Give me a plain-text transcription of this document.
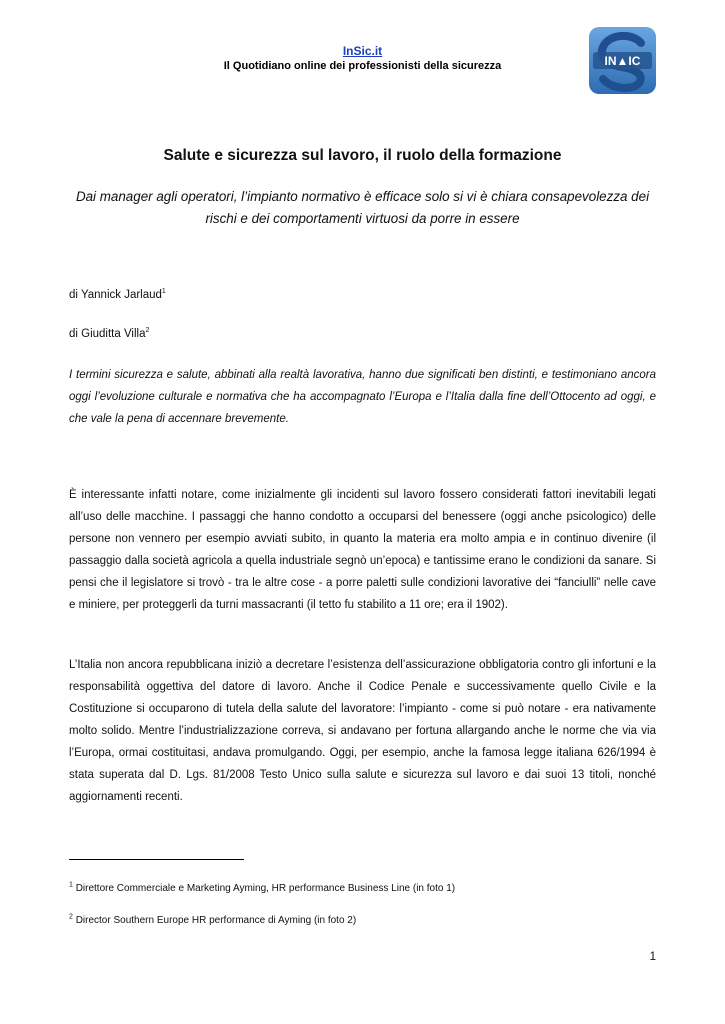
InSic.it
Il Quotidiano online dei professionisti della sicurezza	IN▲IC
Salute e sicurezza sul lavoro, il ruolo della formazione
Dai manager agli operatori, l’impianto normativo è efficace solo si vi è chiara consapevolezza dei rischi e dei comportamenti virtuosi da porre in essere
di Yannick Jarlaud$^1$
di Giuditta Villa$^2$
I termini sicurezza e salute, abbinati alla realtà lavorativa, hanno due significati ben distinti, e testimoniano ancora oggi l’evoluzione culturale e normativa che ha accompagnato l’Europa e l’Italia dalla fine dell’Ottocento ad oggi, e che vale la pena di accennare brevemente.
È interessante infatti notare, come inizialmente gli incidenti sul lavoro fossero considerati fattori inevitabili legati all’uso delle macchine. I passaggi che hanno condotto a occuparsi del benessere (oggi anche psicologico) delle persone non vennero per esempio avviati subito, in quanto la materia era molto ampia e in continuo divenire (il passaggio dalla società agricola a quella industriale segnò un’epoca) e tantissime erano le condizioni da sanare. Si pensi che il legislatore si trovò - tra le altre cose - a porre paletti sulle condizioni lavorative dei “fanciulli” nelle cave e miniere, per proteggerli da turni massacranti (il tetto fu stabilito a 11 ore; era il 1902).
L’Italia non ancora repubblicana iniziò a decretare l’esistenza dell’assicurazione obbligatoria contro gli infortuni e la responsabilità oggettiva del datore di lavoro. Anche il Codice Penale e successivamente quello Civile e la Costituzione si occuparono di tutela della salute del lavoratore: l’impianto - come si può notare - era nativamente molto solido. Mentre l’industrializzazione correva, si andavano per fortuna allargando anche le norme che via via l’Europa, ormai costituitasi, andava promulgando. Oggi, per esempio, anche la famosa legge italiana 626/1994 è stata superata dal D. Lgs. 81/2008 Testo Unico sulla salute e sicurezza sul lavoro e dai suoi 13 titoli, nonché aggiornamenti recenti.
$^1$ Direttore Commerciale e Marketing Ayming, HR performance Business Line (in foto 1)
$^2$ Director Southern Europe HR performance di Ayming (in foto 2)
1
